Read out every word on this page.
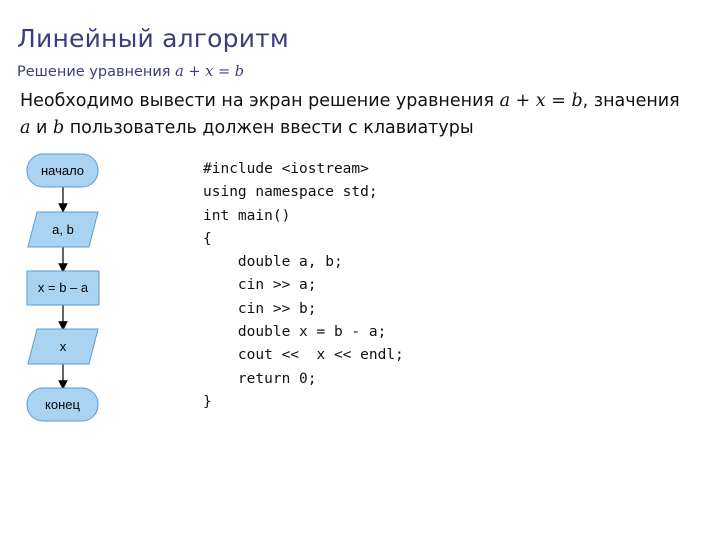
Линейный алгоритм
Решение уравнения a + x = b
Необходимо вывести на экран решение уравнения a + x = b, значения
a и b пользователь должен ввести с клавиатуры
начало
a, b
x = b – a
x
конец
#include <iostream>
using namespace std;
int main()
{
double a, b;
cin >> a;
cin >> b;
double x = b - a;
cout <<  x << endl;
return 0;
}
